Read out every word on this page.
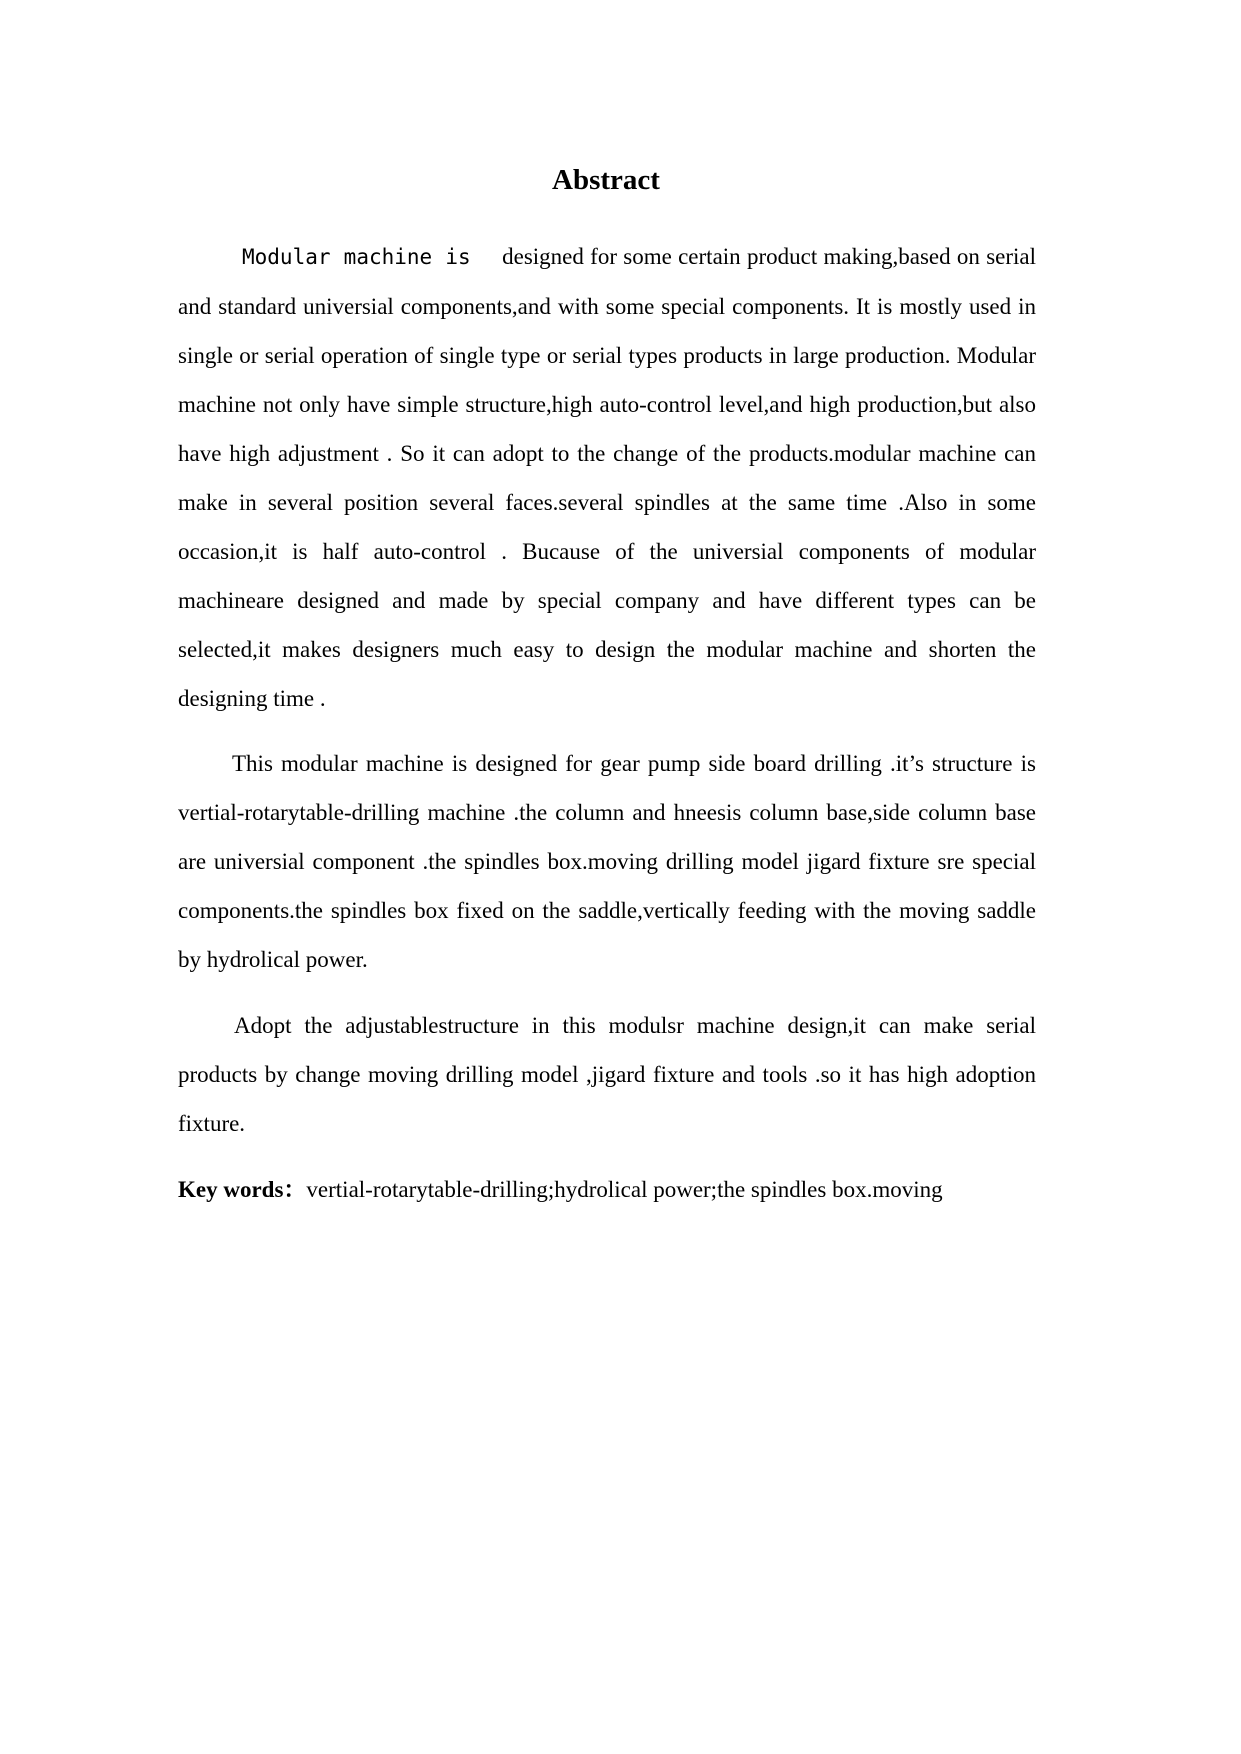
Abstract

Modular machine is designed for some certain product making,based on serial and standard universial components,and with some special components. It is mostly used in single or serial operation of single type or serial types products in large production. Modular machine not only have simple structure,high auto-control level,and high production,but also have high adjustment . So it can adopt to the change of the products.modular machine can make in several position several faces.several spindles at the same time .Also in some occasion,it is half auto-control . Bucause of the universial components of modular machineare designed and made by special company and have different types can be selected,it makes designers much easy to design the modular machine and shorten the designing time .

This modular machine is designed for gear pump side board drilling .it’s structure is vertial-rotarytable-drilling machine .the column and hneesis column base,side column base are universial component .the spindles box.moving drilling model jigard fixture sre special components.the spindles box fixed on the saddle,vertically feeding with the moving saddle by hydrolical power.

Adopt the adjustablestructure in this modulsr machine design,it can make serial products by change moving drilling model ,jigard fixture and tools .so it has high adoption fixture.

Key words：vertial-rotarytable-drilling;hydrolical power;the spindles box.moving
